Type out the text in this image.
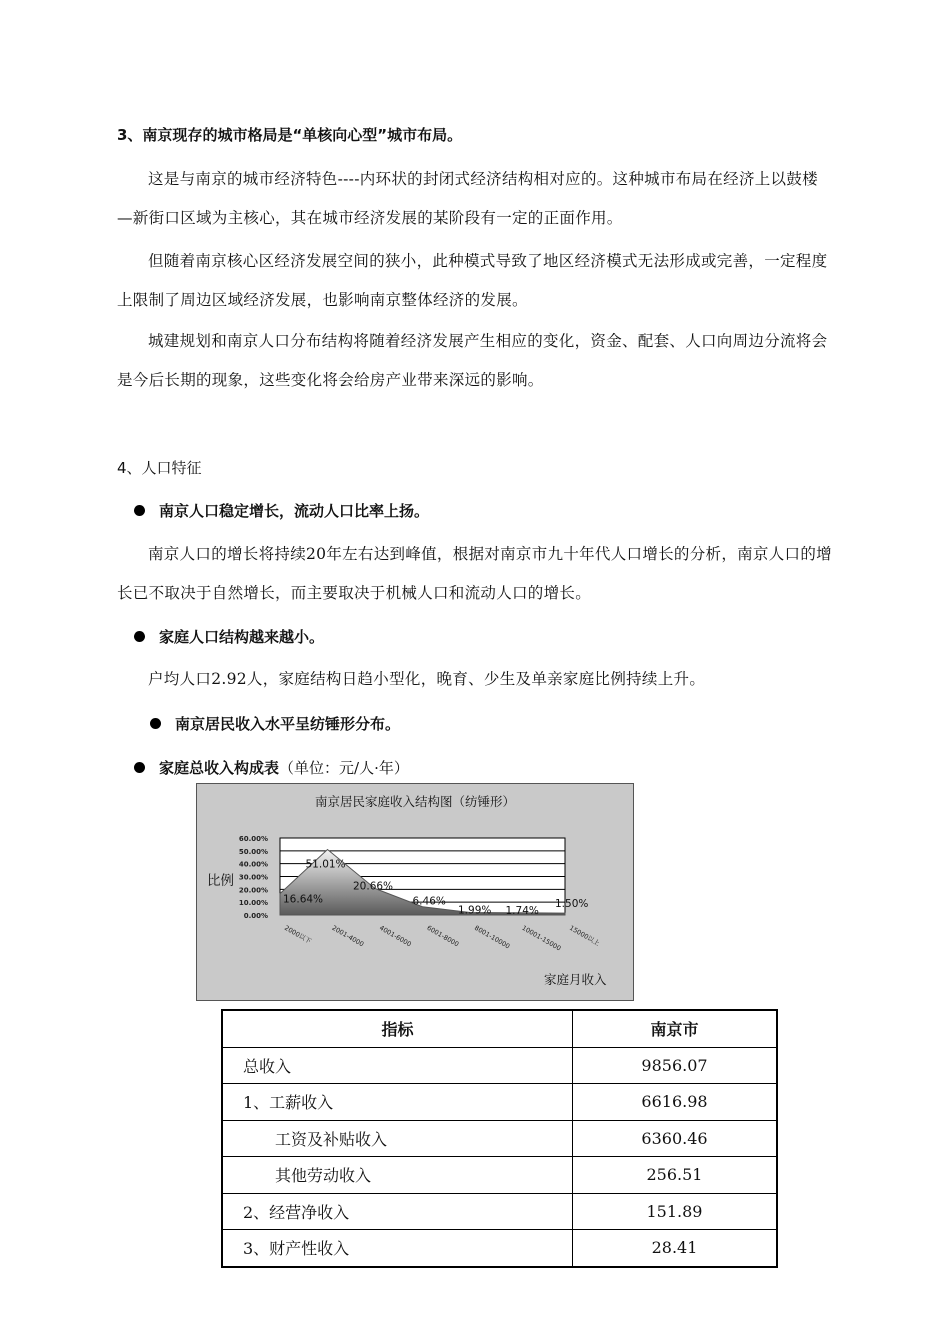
3、南京现存的城市格局是“单核向心型”城市布局。
这是与南京的城市经济特色----内环状的封闭式经济结构相对应的。这种城市布局在经济上以鼓楼—新街口区域为主核心，其在城市经济发展的某阶段有一定的正面作用。
但随着南京核心区经济发展空间的狭小，此种模式导致了地区经济模式无法形成或完善，一定程度上限制了周边区域经济发展，也影响南京整体经济的发展。
城建规划和南京人口分布结构将随着经济发展产生相应的变化，资金、配套、人口向周边分流将会是今后长期的现象，这些变化将会给房产业带来深远的影响。
4、人口特征
南京人口稳定增长，流动人口比率上扬。
南京人口的增长将持续20年左右达到峰值，根据对南京市九十年代人口增长的分析，南京人口的增长已不取决于自然增长，而主要取决于机械人口和流动人口的增长。
家庭人口结构越来越小。
户均人口2.92人，家庭结构日趋小型化，晚育、少生及单亲家庭比例持续上升。
南京居民收入水平呈纺锤形分布。
家庭总收入构成表 （单位：元/人·年）
南京居民家庭收入结构图（纺锤形）
60.00%
50.00%
40.00%
30.00%
20.00%
10.00%
0.00%
比例
16.64%
51.01%
20.66%
6.46%
1.99% 1.74%
1.50%
2000以下	2001-4000 4001-6000 6001-8000 8001-10000 10001-15000 15000以上
家庭月收入
指标	南京市
总收入	9856.07
1、工薪收入	6616.98
工资及补贴收入	6360.46
其他劳动收入	256.51
2、经营净收入	151.89
3、财产性收入	28.41
